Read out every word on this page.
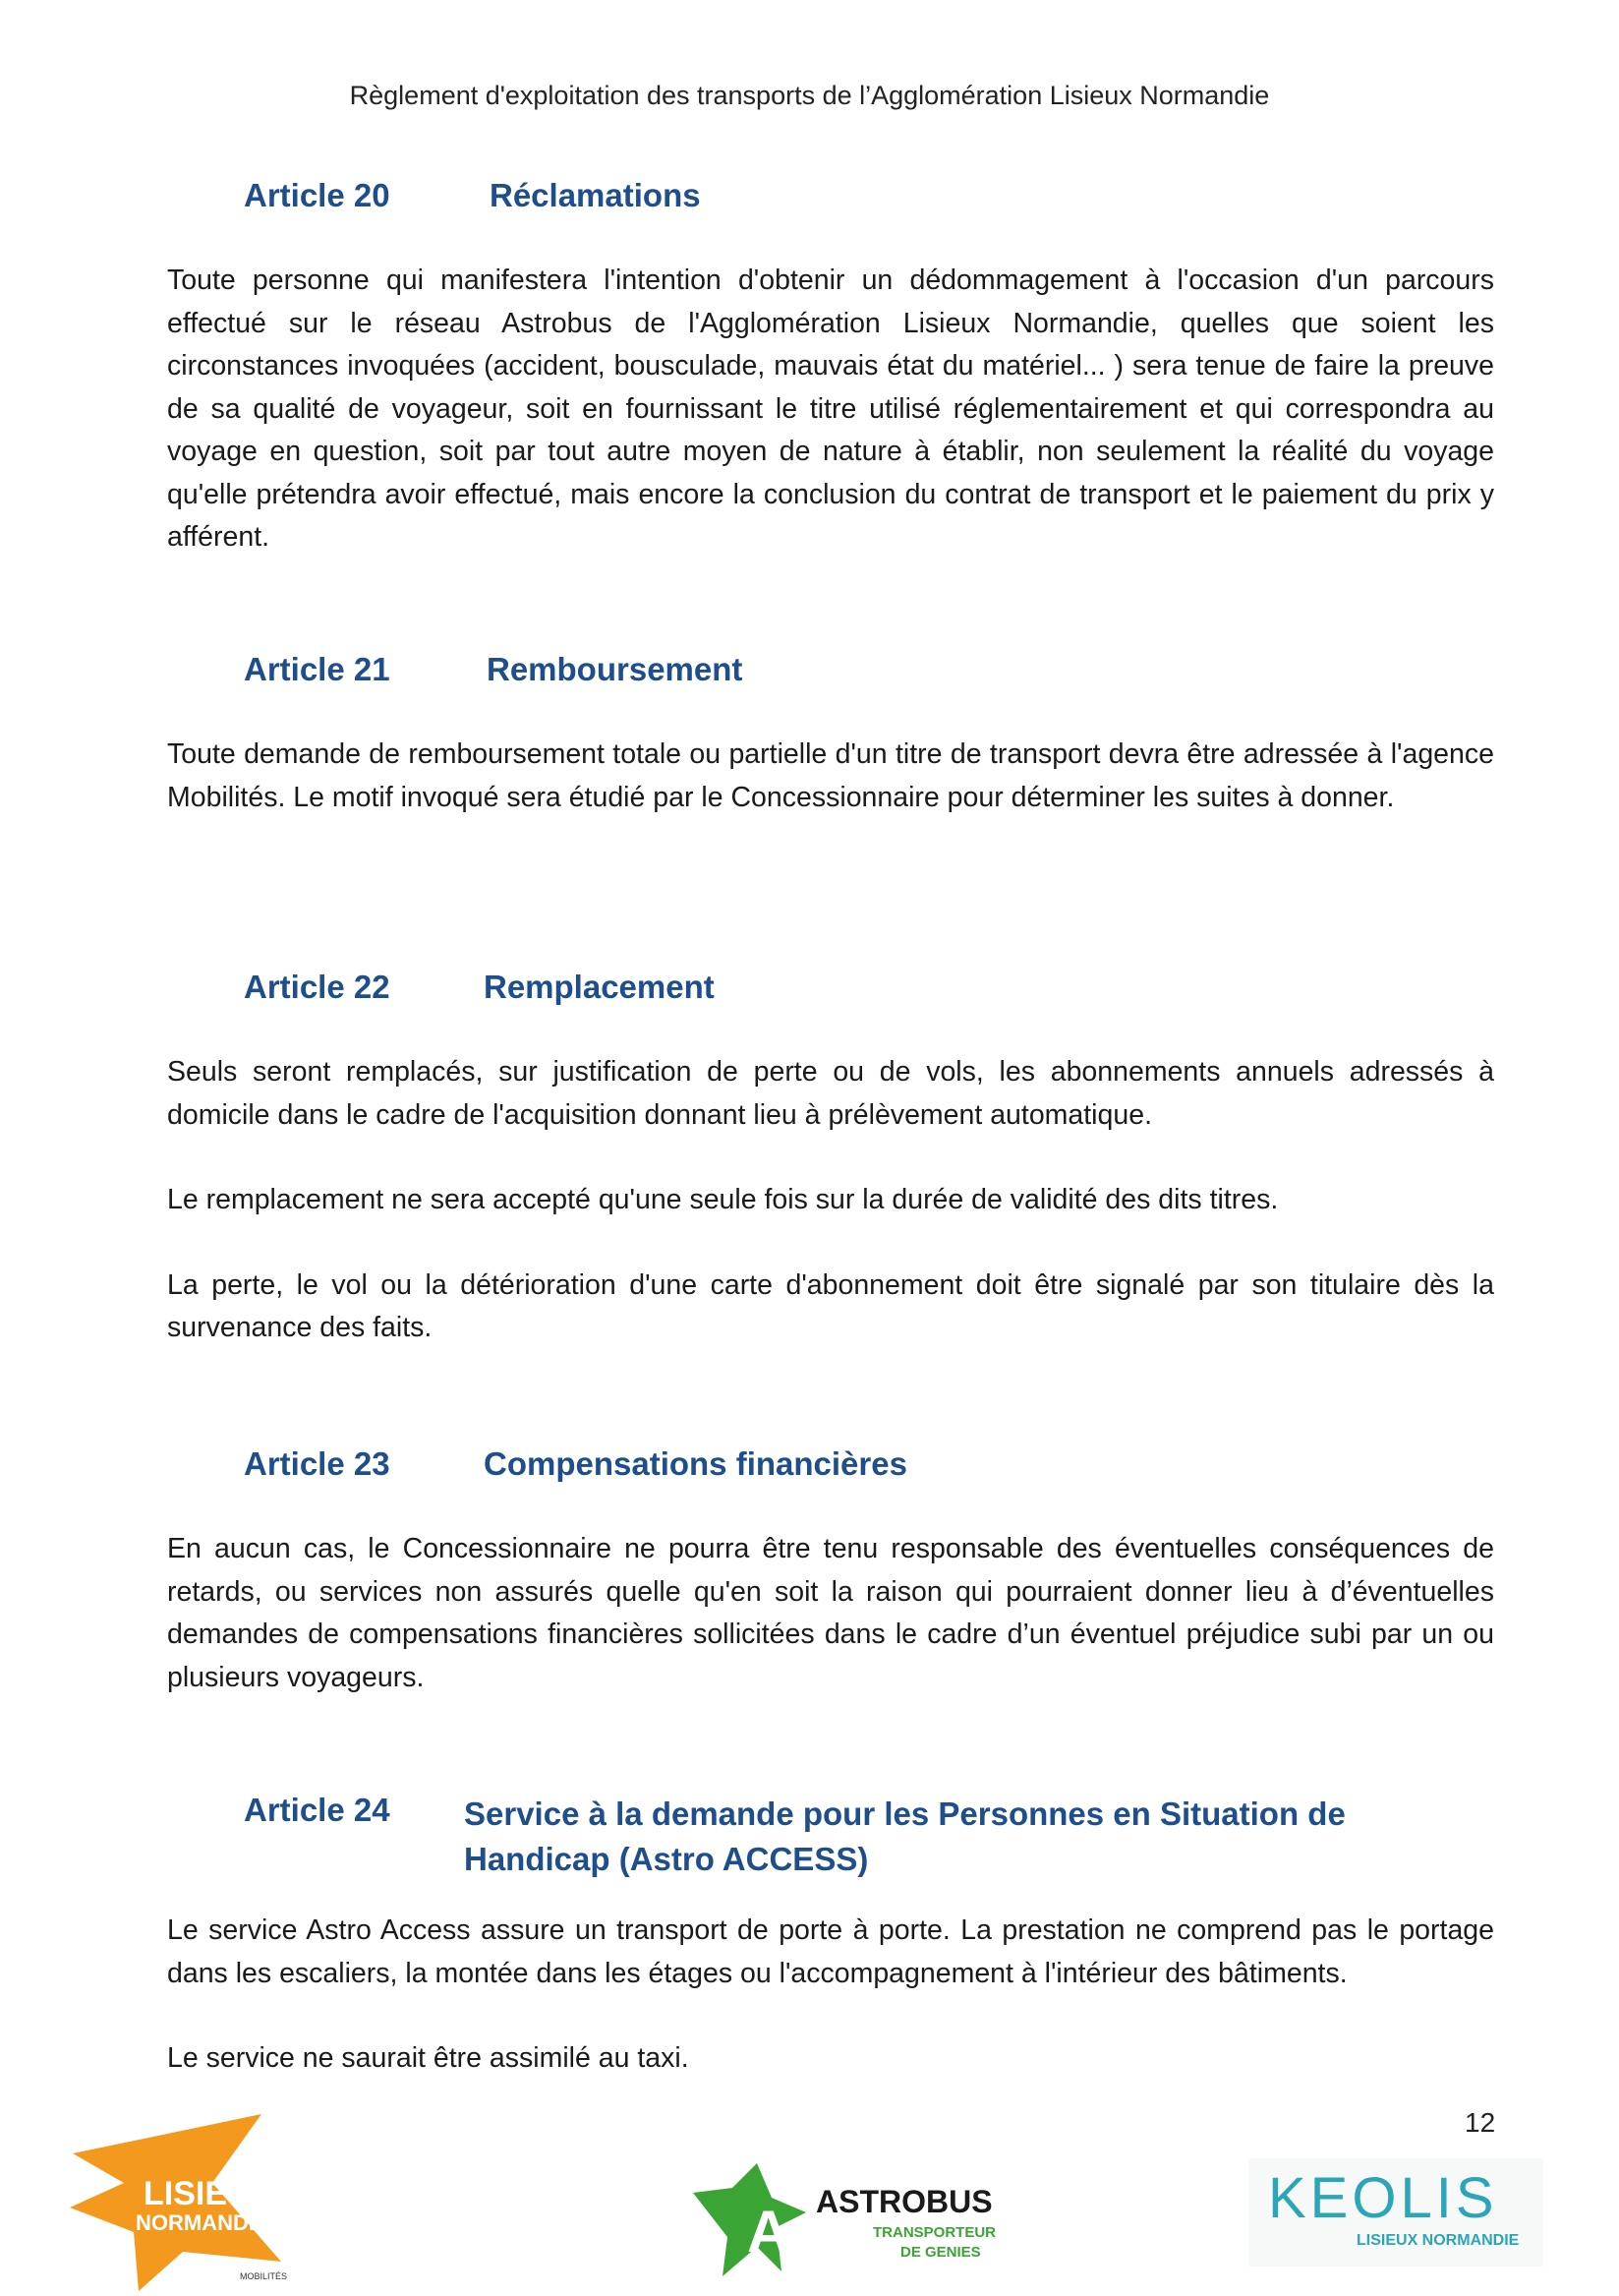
Règlement d'exploitation des transports de l’Agglomération Lisieux Normandie
Article 20	Réclamations

Toute personne qui manifestera l'intention d'obtenir un dédommagement à l'occasion d'un parcours effectué sur le réseau Astrobus de l'Agglomération Lisieux Normandie, quelles que soient les circonstances invoquées (accident, bousculade, mauvais état du matériel... ) sera tenue de faire la preuve de sa qualité de voyageur, soit en fournissant le titre utilisé réglementairement et qui correspondra au voyage en question, soit par tout autre moyen de nature à établir, non seulement la réalité du voyage qu'elle prétendra avoir effectué, mais encore la conclusion du contrat de transport et le paiement du prix y afférent.

Article 21	Remboursement

Toute demande de remboursement totale ou partielle d'un titre de transport devra être adressée à l'agence Mobilités. Le motif invoqué sera étudié par le Concessionnaire pour déterminer les suites à donner.

Article 22	Remplacement

Seuls seront remplacés, sur justification de perte ou de vols, les abonnements annuels adressés à domicile dans le cadre de l'acquisition donnant lieu à prélèvement automatique.

Le remplacement ne sera accepté qu'une seule fois sur la durée de validité des dits titres.

La perte, le vol ou la détérioration d'une carte d'abonnement doit être signalé par son titulaire dès la survenance des faits.

Article 23	Compensations financières

En aucun cas, le Concessionnaire ne pourra être tenu responsable des éventuelles conséquences de retards, ou services non assurés quelle qu'en soit la raison qui pourraient donner lieu à d’éventuelles demandes de compensations financières sollicitées dans le cadre d’un éventuel préjudice subi par un ou plusieurs voyageurs.

Article 24 Service à la demande pour les Personnes en Situation de Handicap (Astro ACCESS)

Le service Astro Access assure un transport de porte à porte. La prestation ne comprend pas le portage dans les escaliers, la montée dans les étages ou l'accompagnement à l'intérieur des bâtiments.

Le service ne saurait être assimilé au taxi.

12
LISIEUX
NORMANDIE
MOBILITÉS
A ASTROBUS
TRANSPORTEUR
DE GENIES
KEOLIS
LISIEUX NORMANDIE
